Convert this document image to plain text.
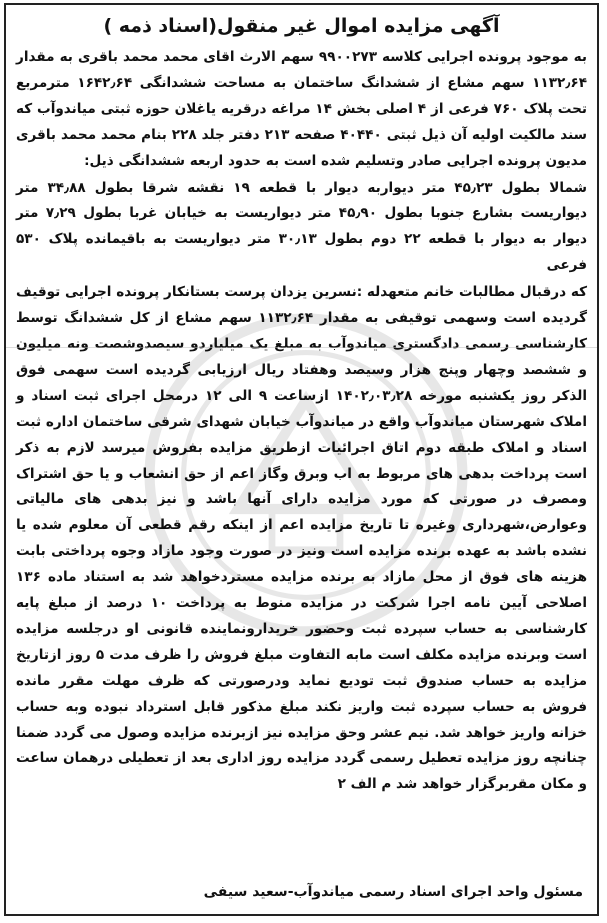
آگهی مزایده اموال غیر منقول(اسناد ذمه )

به موجود پرونده اجرایی کلاسه ۹۹۰۰۲۷۳ سهم الارث اقای محمد محمد باقری به مقدار ۱۱۳۲٫۶۴ سهم مشاع از ششدانگ ساختمان به مساحت ششدانگی ۱۶۴۲٫۶۴ مترمربع تحت پلاک ۷۶۰ فرعی از ۴ اصلی بخش ۱۴ مراغه درقریه یاغلان حوزه ثبتی میاندوآب که سند مالکیت اولیه آن ذیل ثبتی ۴۰۴۴۰ صفحه ۲۱۳ دفتر جلد ۲۲۸ بنام محمد محمد باقری مدیون پرونده اجرایی صادر وتسلیم شده است به حدود اربعه ششدانگی ذیل:

شمالا بطول ۴۵٫۲۳ متر دیواربه دیوار با قطعه ۱۹ نقشه شرقا بطول ۳۴٫۸۸ متر دیواریست بشارع جنوبا بطول ۴۵٫۹۰ متر دیواریست به خیابان غربا بطول ۷٫۲۹ متر دیوار به دیوار با قطعه ۲۲ دوم بطول ۳۰٫۱۳ متر دیواریست به باقیمانده پلاک ۵۳۰ فرعی

که درقبال مطالبات خانم متعهدله :نسرین یزدان پرست بستانکار پرونده اجرایی توقیف گردیده است وسهمی توقیفی به مقدار ۱۱۳۲٫۶۴ سهم مشاع از کل ششدانگ توسط کارشناسی رسمی دادگستری میاندوآب به مبلغ یک میلیاردو سیصدوشصت ونه میلیون و ششصد وچهار وپنج هزار وسیصد وهفتاد ریال ارزیابی گردیده است سهمی فوق الذکر روز یکشنبه مورخه ۱۴۰۲٫۰۳٫۲۸ ازساعت ۹ الی ۱۲ درمحل اجرای ثبت اسناد و املاک شهرستان میاندوآب واقع در میاندوآب خیابان شهدای شرقی ساختمان اداره ثبت اسناد و املاک طبقه دوم اتاق اجرائیات ازطریق مزایده بفروش میرسد لازم به ذکر است پرداخت بدهی های مربوط به اب وبرق وگاز اعم از حق انشعاب و یا حق اشتراک ومصرف در صورتی که مورد مزایده دارای آنها باشد و نیز بدهی های مالیاتی وعوارض،شهرداری وغیره تا تاریخ مزایده اعم از اینکه رقم قطعی آن معلوم شده یا نشده باشد به عهده برنده مزایده است ونیز در صورت وجود مازاد وجوه پرداختی بابت هزینه های فوق از محل مازاد به برنده مزایده مستردخواهد شد به استناد ماده ۱۳۶ اصلاحی آیین نامه اجرا شرکت در مزایده منوط به پرداخت ۱۰ درصد از مبلغ پایه کارشناسی به حساب سپرده ثبت وحضور خریدارونماینده قانونی او درجلسه مزایده است وبرنده مزایده مکلف است مابه التفاوت مبلغ فروش را ظرف مدت ۵ روز ازتاریخ مزایده به حساب صندوق ثبت تودیع نماید ودرصورتی که ظرف مهلت مقرر مانده فروش به حساب سپرده ثبت واریز نکند مبلغ مذکور قابل استرداد نبوده وبه حساب خزانه واریز خواهد شد. نیم عشر وحق مزایده نیز ازبرنده مزایده وصول می گردد ضمنا چنانچه روز مزایده تعطیل رسمی گردد مزایده روز اداری بعد از تعطیلی درهمان ساعت و مکان مقربرگزار خواهد شد م الف ۲

مسئول واحد اجرای اسناد رسمی میاندوآب-سعید سیفی
